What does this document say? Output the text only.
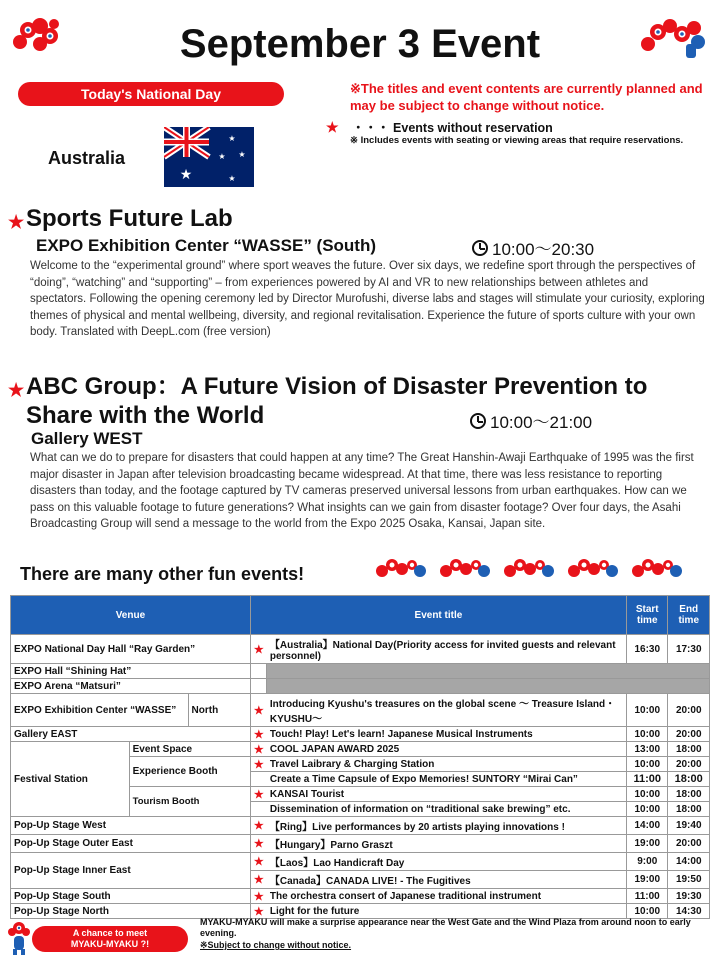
September 3 Event
Today's National Day	※The titles and event contents are currently planned and may be subject to change without notice.
★ ・・・ Events without reservation
※ Includes events with seating or viewing areas that require reservations.
Australia
★
★
★
★
★
★ Sports Future Lab
EXPO Exhibition Center “WASSE” (South)	10:00～20:30
Welcome to the “experimental ground” where sport weaves the future. Over six days, we redefine sport through the perspectives of “doing”, “watching” and “supporting” – from experiences powered by AI and VR to new relationships between athletes and spectators. Following the opening ceremony led by Director Murofushi, diverse labs and stages will stimulate your curiosity, exploring themes of physical and mental wellbeing, diversity, and regional revitalisation. Experience the future of sports culture with your own body. Translated with DeepL.com (free version)
★ ABC Group：A Future Vision of Disaster Prevention to
Share with the World	10:00～21:00
Gallery WEST
What can we do to prepare for disasters that could happen at any time? The Great Hanshin-Awaji Earthquake of 1995 was the first major disaster in Japan after television broadcasting became widespread. At that time, there was less resistance to reporting disasters than today, and the footage captured by TV cameras preserved universal lessons from urban earthquakes. How can we pass on this valuable footage to future generations? What insights can we gain from disaster footage? Over four days, the Asahi Broadcasting Group will send a message to the world from the Expo 2025 Osaka, Kansai, Japan site.
There are many other fun events!
Venue			Event title		Start time	End time
EXPO National Day Hall “Ray Garden”			★	【Australia】National Day(Priority access for invited guests and relevant personnel)	16:30	17:30
EXPO Hall “Shining Hat”						
EXPO Arena “Matsuri”						
EXPO Exhibition Center “WASSE”		North	★	Introducing Kyushu's treasures on the global scene ～ Treasure Island・KYUSHU～	10:00	20:00
Gallery EAST			★	Touch! Play! Let's learn! Japanese Musical Instruments	10:00	20:00
Festival Station	Event Space		★	COOL JAPAN AWARD 2025	13:00	18:00
	Experience Booth		★	Travel Laibrary & Charging Station	10:00	20:00
				Create a Time Capsule of Expo Memories! SUNTORY “Mirai Can”	11:00	18:00
	Tourism Booth		★	KANSAI Tourist	10:00	18:00
				Dissemination of information on “traditional sake brewing” etc.	10:00	18:00
Pop-Up Stage West			★	【Ring】Live performances by 20 artists playing innovations !	14:00	19:40
Pop-Up Stage Outer East			★	【Hungary】Parno Graszt	19:00	20:00
Pop-Up Stage Inner East			★	【Laos】Lao Handicraft Day	9:00	14:00
			★	【Canada】CANADA LIVE! - The Fugitives	19:00	19:50
Pop-Up Stage South			★	The orchestra consert of Japanese traditional instrument	11:00	19:30
Pop-Up Stage North			★	Light for the future	10:00	14:30
A chance to meet
MYAKU-MYAKU ?!
MYAKU-MYAKU will make a surprise appearance near the West Gate and the Wind Plaza from around noon to early evening.
※Subject to change without notice.
